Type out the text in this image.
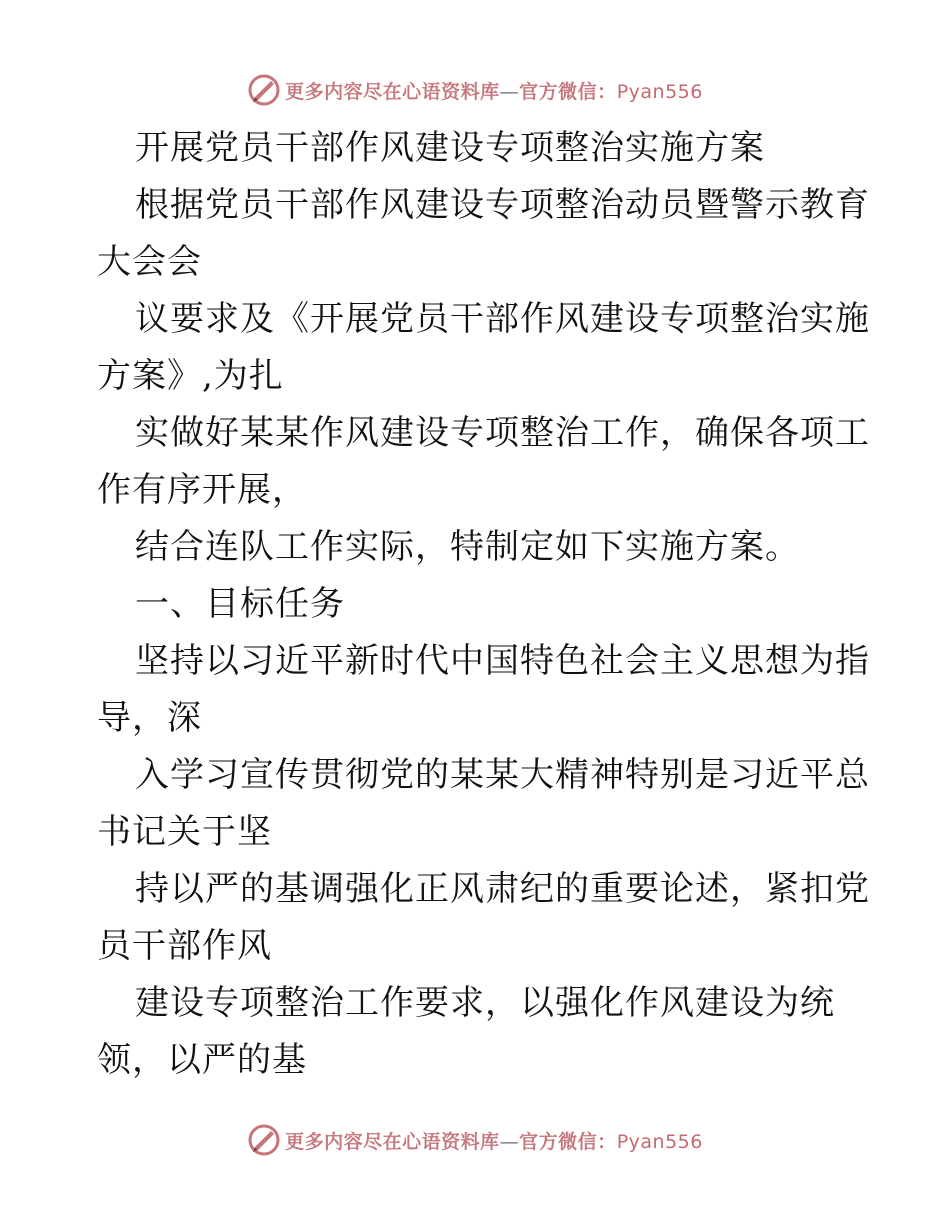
更多内容尽在心语资料库—官方微信：Pyan556
开展党员干部作风建设专项整治实施方案
根据党员干部作风建设专项整治动员暨警示教育
大会会
议要求及《开展党员干部作风建设专项整治实施
方案》,为扎
实做好某某作风建设专项整治工作，确保各项工
作有序开展，
结合连队工作实际，特制定如下实施方案。
一、目标任务
坚持以习近平新时代中国特色社会主义思想为指
导，深
入学习宣传贯彻党的某某大精神特别是习近平总
书记关于坚
持以严的基调强化正风肃纪的重要论述，紧扣党
员干部作风
建设专项整治工作要求，以强化作风建设为统
领，以严的基
更多内容尽在心语资料库—官方微信：Pyan556
